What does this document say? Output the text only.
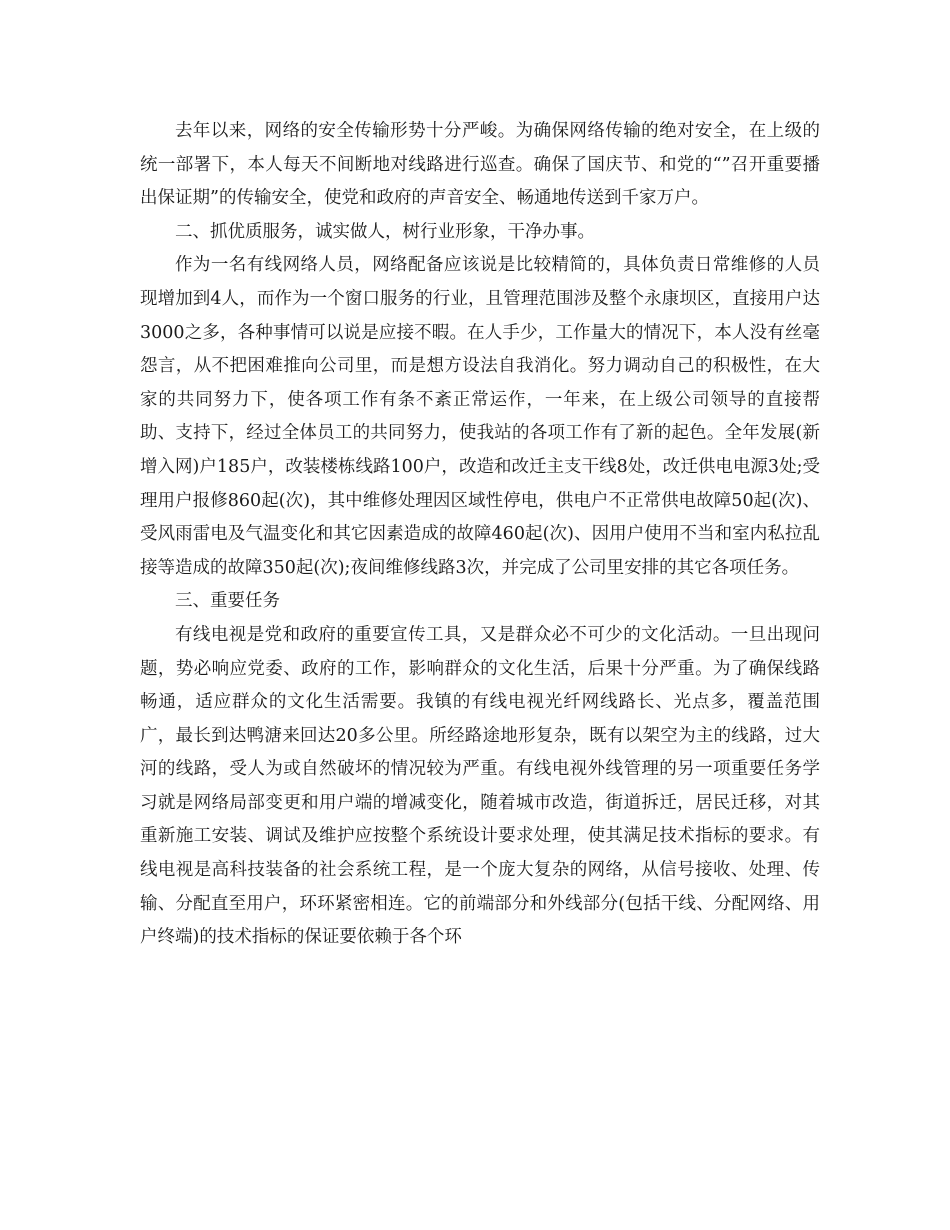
去年以来，网络的安全传输形势十分严峻。为确保网络传输的绝对安全，在上级的统一部署下，本人每天不间断地对线路进行巡查。确保了国庆节、和党的“”召开重要播出保证期”的传输安全，使党和政府的声音安全、畅通地传送到千家万户。

二、抓优质服务，诚实做人，树行业形象，干净办事。

作为一名有线网络人员，网络配备应该说是比较精简的，具体负责日常维修的人员现增加到4人，而作为一个窗口服务的行业，且管理范围涉及整个永康坝区，直接用户达3000之多，各种事情可以说是应接不暇。在人手少，工作量大的情况下，本人没有丝毫怨言，从不把困难推向公司里，而是想方设法自我消化。努力调动自己的积极性，在大家的共同努力下，使各项工作有条不紊正常运作，一年来，在上级公司领导的直接帮助、支持下，经过全体员工的共同努力，使我站的各项工作有了新的起色。全年发展(新增入网)户185户，改装楼栋线路100户，改造和改迁主支干线8处，改迁供电电源3处;受理用户报修860起(次)，其中维修处理因区域性停电，供电户不正常供电故障50起(次)、受风雨雷电及气温变化和其它因素造成的故障460起(次)、因用户使用不当和室内私拉乱接等造成的故障350起(次);夜间维修线路3次，并完成了公司里安排的其它各项任务。

三、重要任务

有线电视是党和政府的重要宣传工具，又是群众必不可少的文化活动。一旦出现问题，势必响应党委、政府的工作，影响群众的文化生活，后果十分严重。为了确保线路畅通，适应群众的文化生活需要。我镇的有线电视光纤网线路长、光点多，覆盖范围广，最长到达鸭溏来回达20多公里。所经路途地形复杂，既有以架空为主的线路，过大河的线路，受人为或自然破坏的情况较为严重。有线电视外线管理的另一项重要任务学习就是网络局部变更和用户端的增减变化，随着城市改造，街道拆迁，居民迁移，对其重新施工安装、调试及维护应按整个系统设计要求处理，使其满足技术指标的要求。有线电视是高科技装备的社会系统工程，是一个庞大复杂的网络，从信号接收、处理、传输、分配直至用户，环环紧密相连。它的前端部分和外线部分(包括干线、分配网络、用户终端)的技术指标的保证要依赖于各个环
